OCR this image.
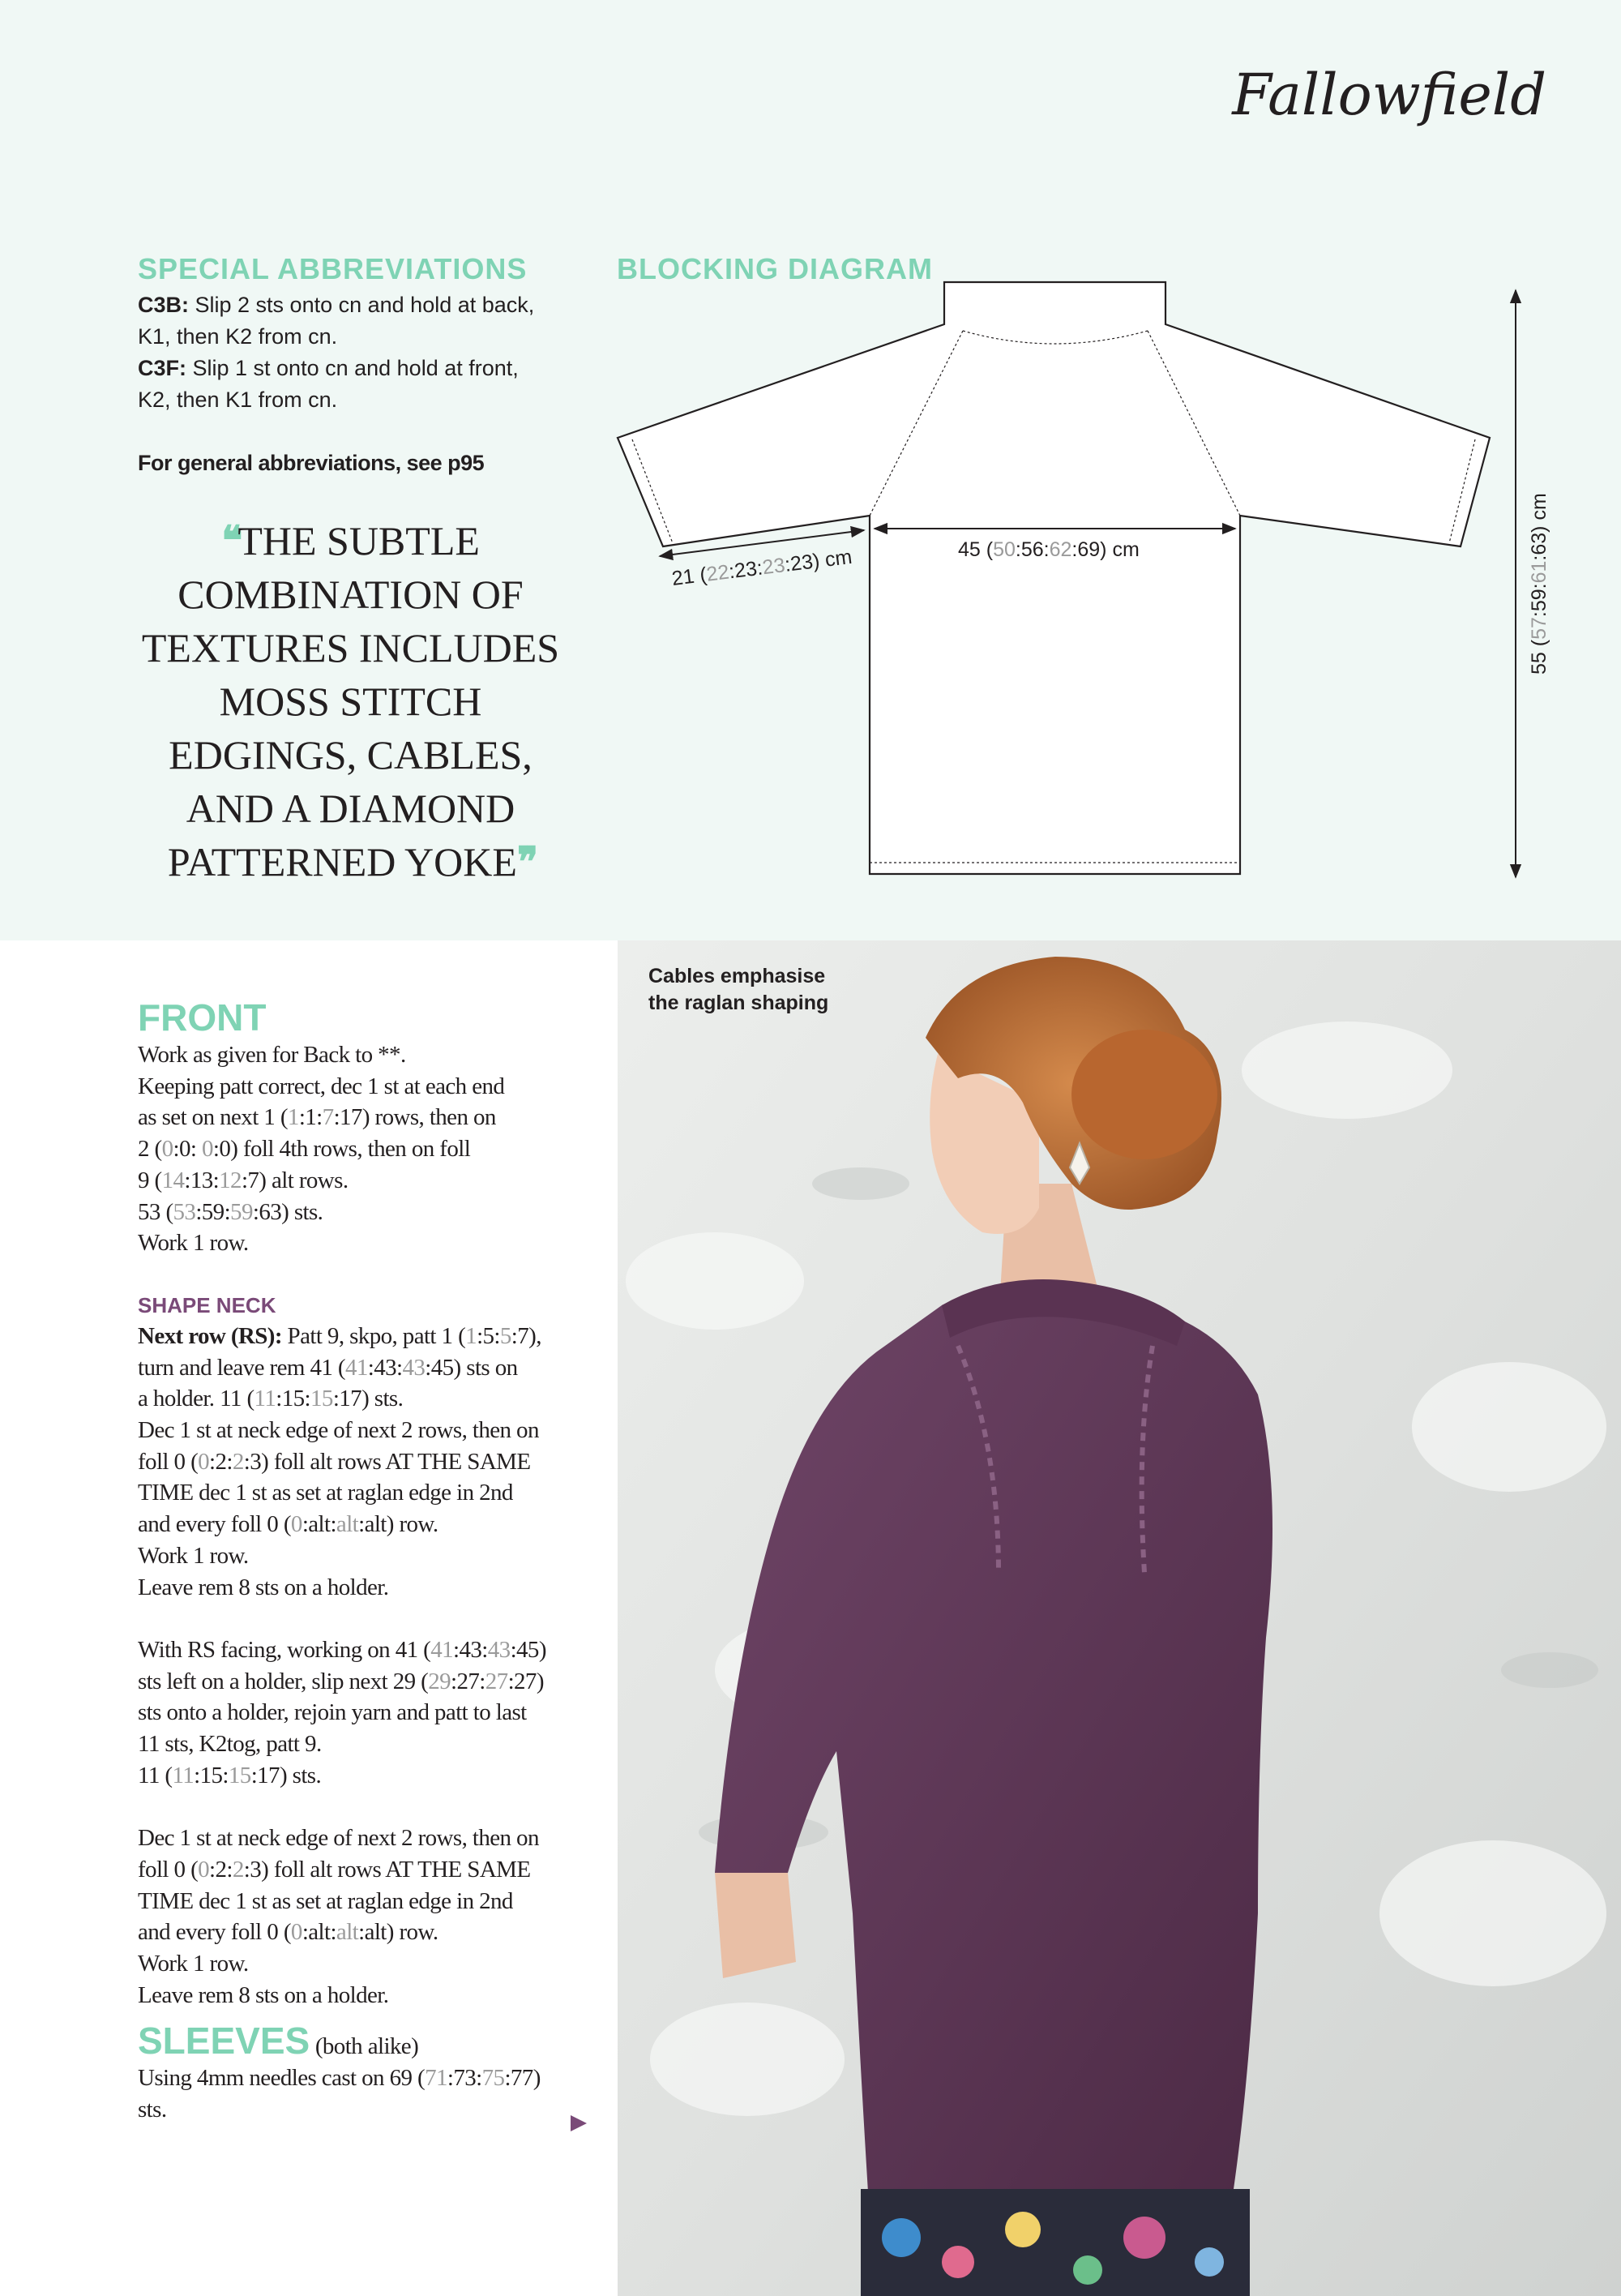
Fallowfield
SPECIAL ABBREVIATIONS
C3B: Slip 2 sts onto cn and hold at back,
K1, then K2 from cn.
C3F: Slip 1 st onto cn and hold at front,
K2, then K1 from cn.
For general abbreviations, see p95
❛❛THE SUBTLE
COMBINATION OF
TEXTURES INCLUDES
MOSS STITCH
EDGINGS, CABLES,
AND A DIAMOND
PATTERNED YOKE❜❜
BLOCKING DIAGRAM
21 (22:23:23:23) cm	45 (50:56:62:69) cm
55 (57:59:61:63) cm
Cables emphasise
the raglan shaping
FRONT
Work as given for Back to **.
Keeping patt correct, dec 1 st at each end
as set on next 1 (1:1:7:17) rows, then on
2 (0:0: 0:0) foll 4th rows, then on foll
9 (14:13:12:7) alt rows.
53 (53:59:59:63) sts.
Work 1 row.
SHAPE NECK
Next row (RS): Patt 9, skpo, patt 1 (1:5:5:7),
turn and leave rem 41 (41:43:43:45) sts on
a holder. 11 (11:15:15:17) sts.
Dec 1 st at neck edge of next 2 rows, then on
foll 0 (0:2:2:3) foll alt rows AT THE SAME
TIME dec 1 st as set at raglan edge in 2nd
and every foll 0 (0:alt:alt:alt) row.
Work 1 row.
Leave rem 8 sts on a holder.
With RS facing, working on 41 (41:43:43:45)
sts left on a holder, slip next 29 (29:27:27:27)
sts onto a holder, rejoin yarn and patt to last
11 sts, K2tog, patt 9.
11 (11:15:15:17) sts.
Dec 1 st at neck edge of next 2 rows, then on
foll 0 (0:2:2:3) foll alt rows AT THE SAME
TIME dec 1 st as set at raglan edge in 2nd
and every foll 0 (0:alt:alt:alt) row.
Work 1 row.
Leave rem 8 sts on a holder.
SLEEVES (both alike)
Using 4mm needles cast on 69 (71:73:75:77)
sts.
